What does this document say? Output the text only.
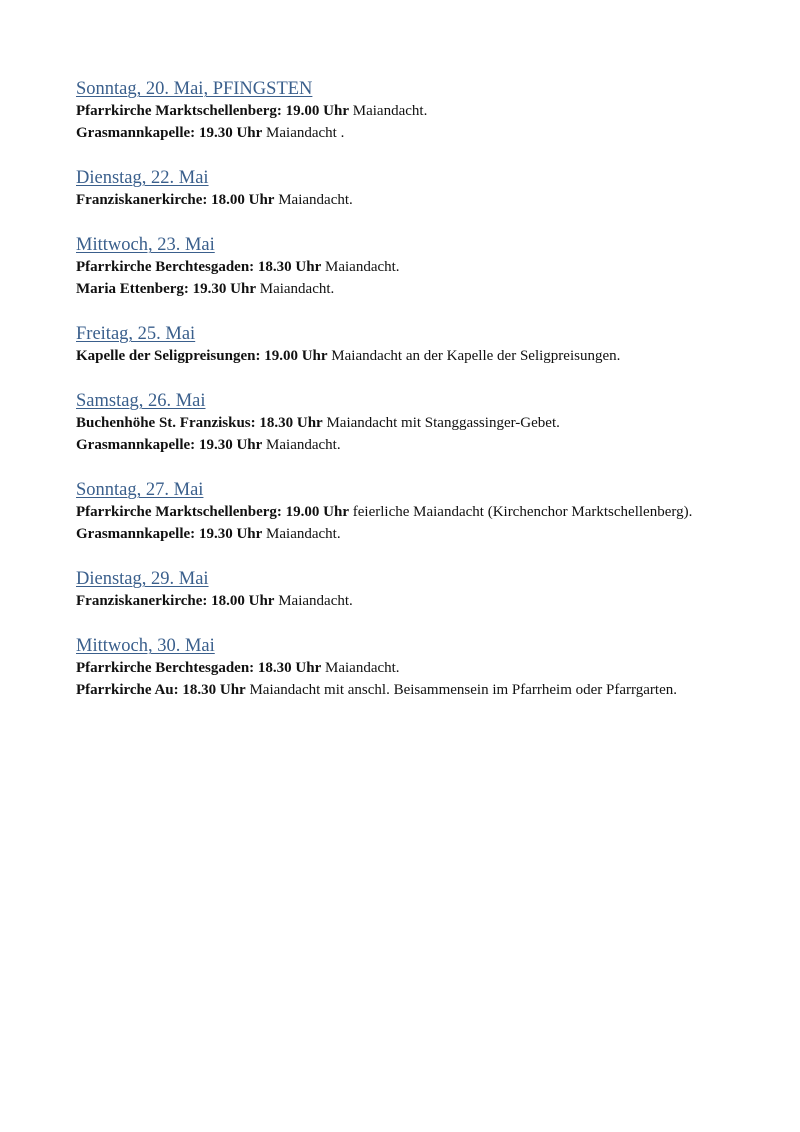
Sonntag, 20. Mai, PFINGSTEN

Pfarrkirche Marktschellenberg: 19.00 Uhr Maiandacht.

Grasmannkapelle: 19.30 Uhr Maiandacht .

Dienstag, 22. Mai

Franziskanerkirche: 18.00 Uhr Maiandacht.

Mittwoch, 23. Mai

Pfarrkirche Berchtesgaden: 18.30 Uhr Maiandacht.

Maria Ettenberg: 19.30 Uhr Maiandacht.

Freitag, 25. Mai

Kapelle der Seligpreisungen: 19.00 Uhr Maiandacht an der Kapelle der Seligpreisungen.

Samstag, 26. Mai

Buchenhöhe St. Franziskus: 18.30 Uhr Maiandacht mit Stanggassinger-Gebet.

Grasmannkapelle: 19.30 Uhr Maiandacht.

Sonntag, 27. Mai

Pfarrkirche Marktschellenberg: 19.00 Uhr feierliche Maiandacht (Kirchenchor Marktschellenberg).

Grasmannkapelle: 19.30 Uhr Maiandacht.

Dienstag, 29. Mai

Franziskanerkirche: 18.00 Uhr Maiandacht.

Mittwoch, 30. Mai

Pfarrkirche Berchtesgaden: 18.30 Uhr Maiandacht.

Pfarrkirche Au: 18.30 Uhr Maiandacht mit anschl. Beisammensein im Pfarrheim oder Pfarrgarten.
